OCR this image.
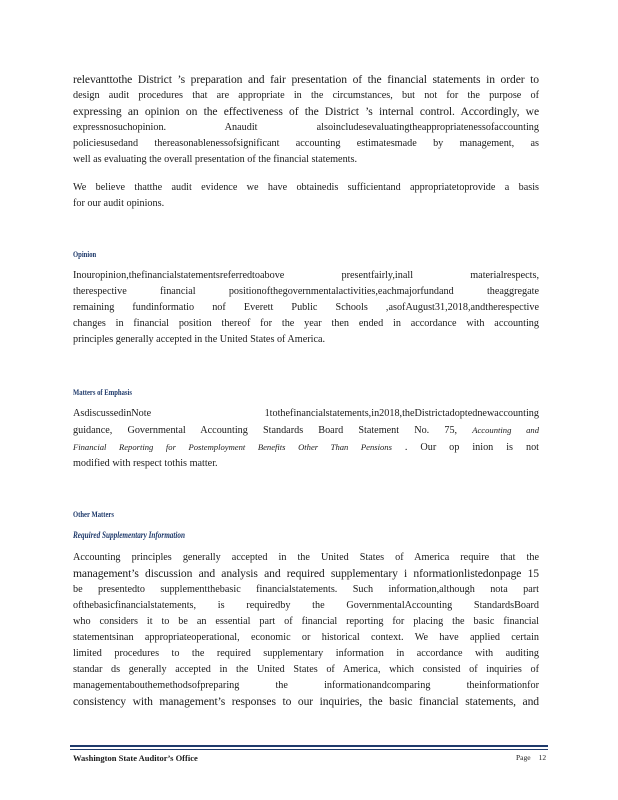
relevanttothe District ’s preparation and fair presentation of the financial statements in order to
design audit procedures that are appropriate in the circumstances, but not for the purpose of
expressing an opinion on the effectiveness of the District ’s internal control. Accordingly, we
expressnosuchopinion. Anaudit alsoincludesevaluatingtheappropriatenessofaccounting
policiesusedand thereasonablenessofsignificant accounting estimatesmade by management, as
well as evaluating the overall presentation of the financial statements.

We believe thatthe audit evidence we have obtainedis sufficientand appropriatetoprovide a basis
for our audit opinions.

Opinion

Inouropinion,thefinancialstatementsreferredtoabove presentfairly,inall materialrespects,
therespective financial positionofthegovernmentalactivities,eachmajorfundand theaggregate
remaining fundinformatio nof Everett Public Schools ,asofAugust31,2018,andtherespective
changes in financial position thereof for the year then ended in accordance with accounting
principles generally accepted in the United States of America.

Matters of Emphasis

AsdiscussedinNote 1tothefinancialstatements,in2018,theDistrictadoptednewaccounting
guidance, Governmental Accounting Standards Board Statement No. 75, Accounting and
Financial Reporting for Postemployment Benefits Other Than Pensions . Our op inion is not
modified with respect tothis matter.

Other Matters

Required Supplementary Information

Accounting principles generally accepted in the United States of America require that the
management’s discussion and analysis and required supplementary i nformationlistedonpage 15
be presentedto supplementthebasic financialstatements. Such information,although nota part
ofthebasicfinancialstatements, is requiredby the GovernmentalAccounting StandardsBoard
who considers it to be an essential part of financial reporting for placing the basic financial
statementsinan appropriateoperational, economic or historical context. We have applied certain
limited procedures to the required supplementary information in accordance with auditing
standar ds generally accepted in the United States of America, which consisted of inquiries of
managementabouthemethodsofpreparing the informationandcomparing theinformationfor
consistency with management’s responses to our inquiries, the basic financial statements, and

Washington State Auditor’s Office	Page 12
